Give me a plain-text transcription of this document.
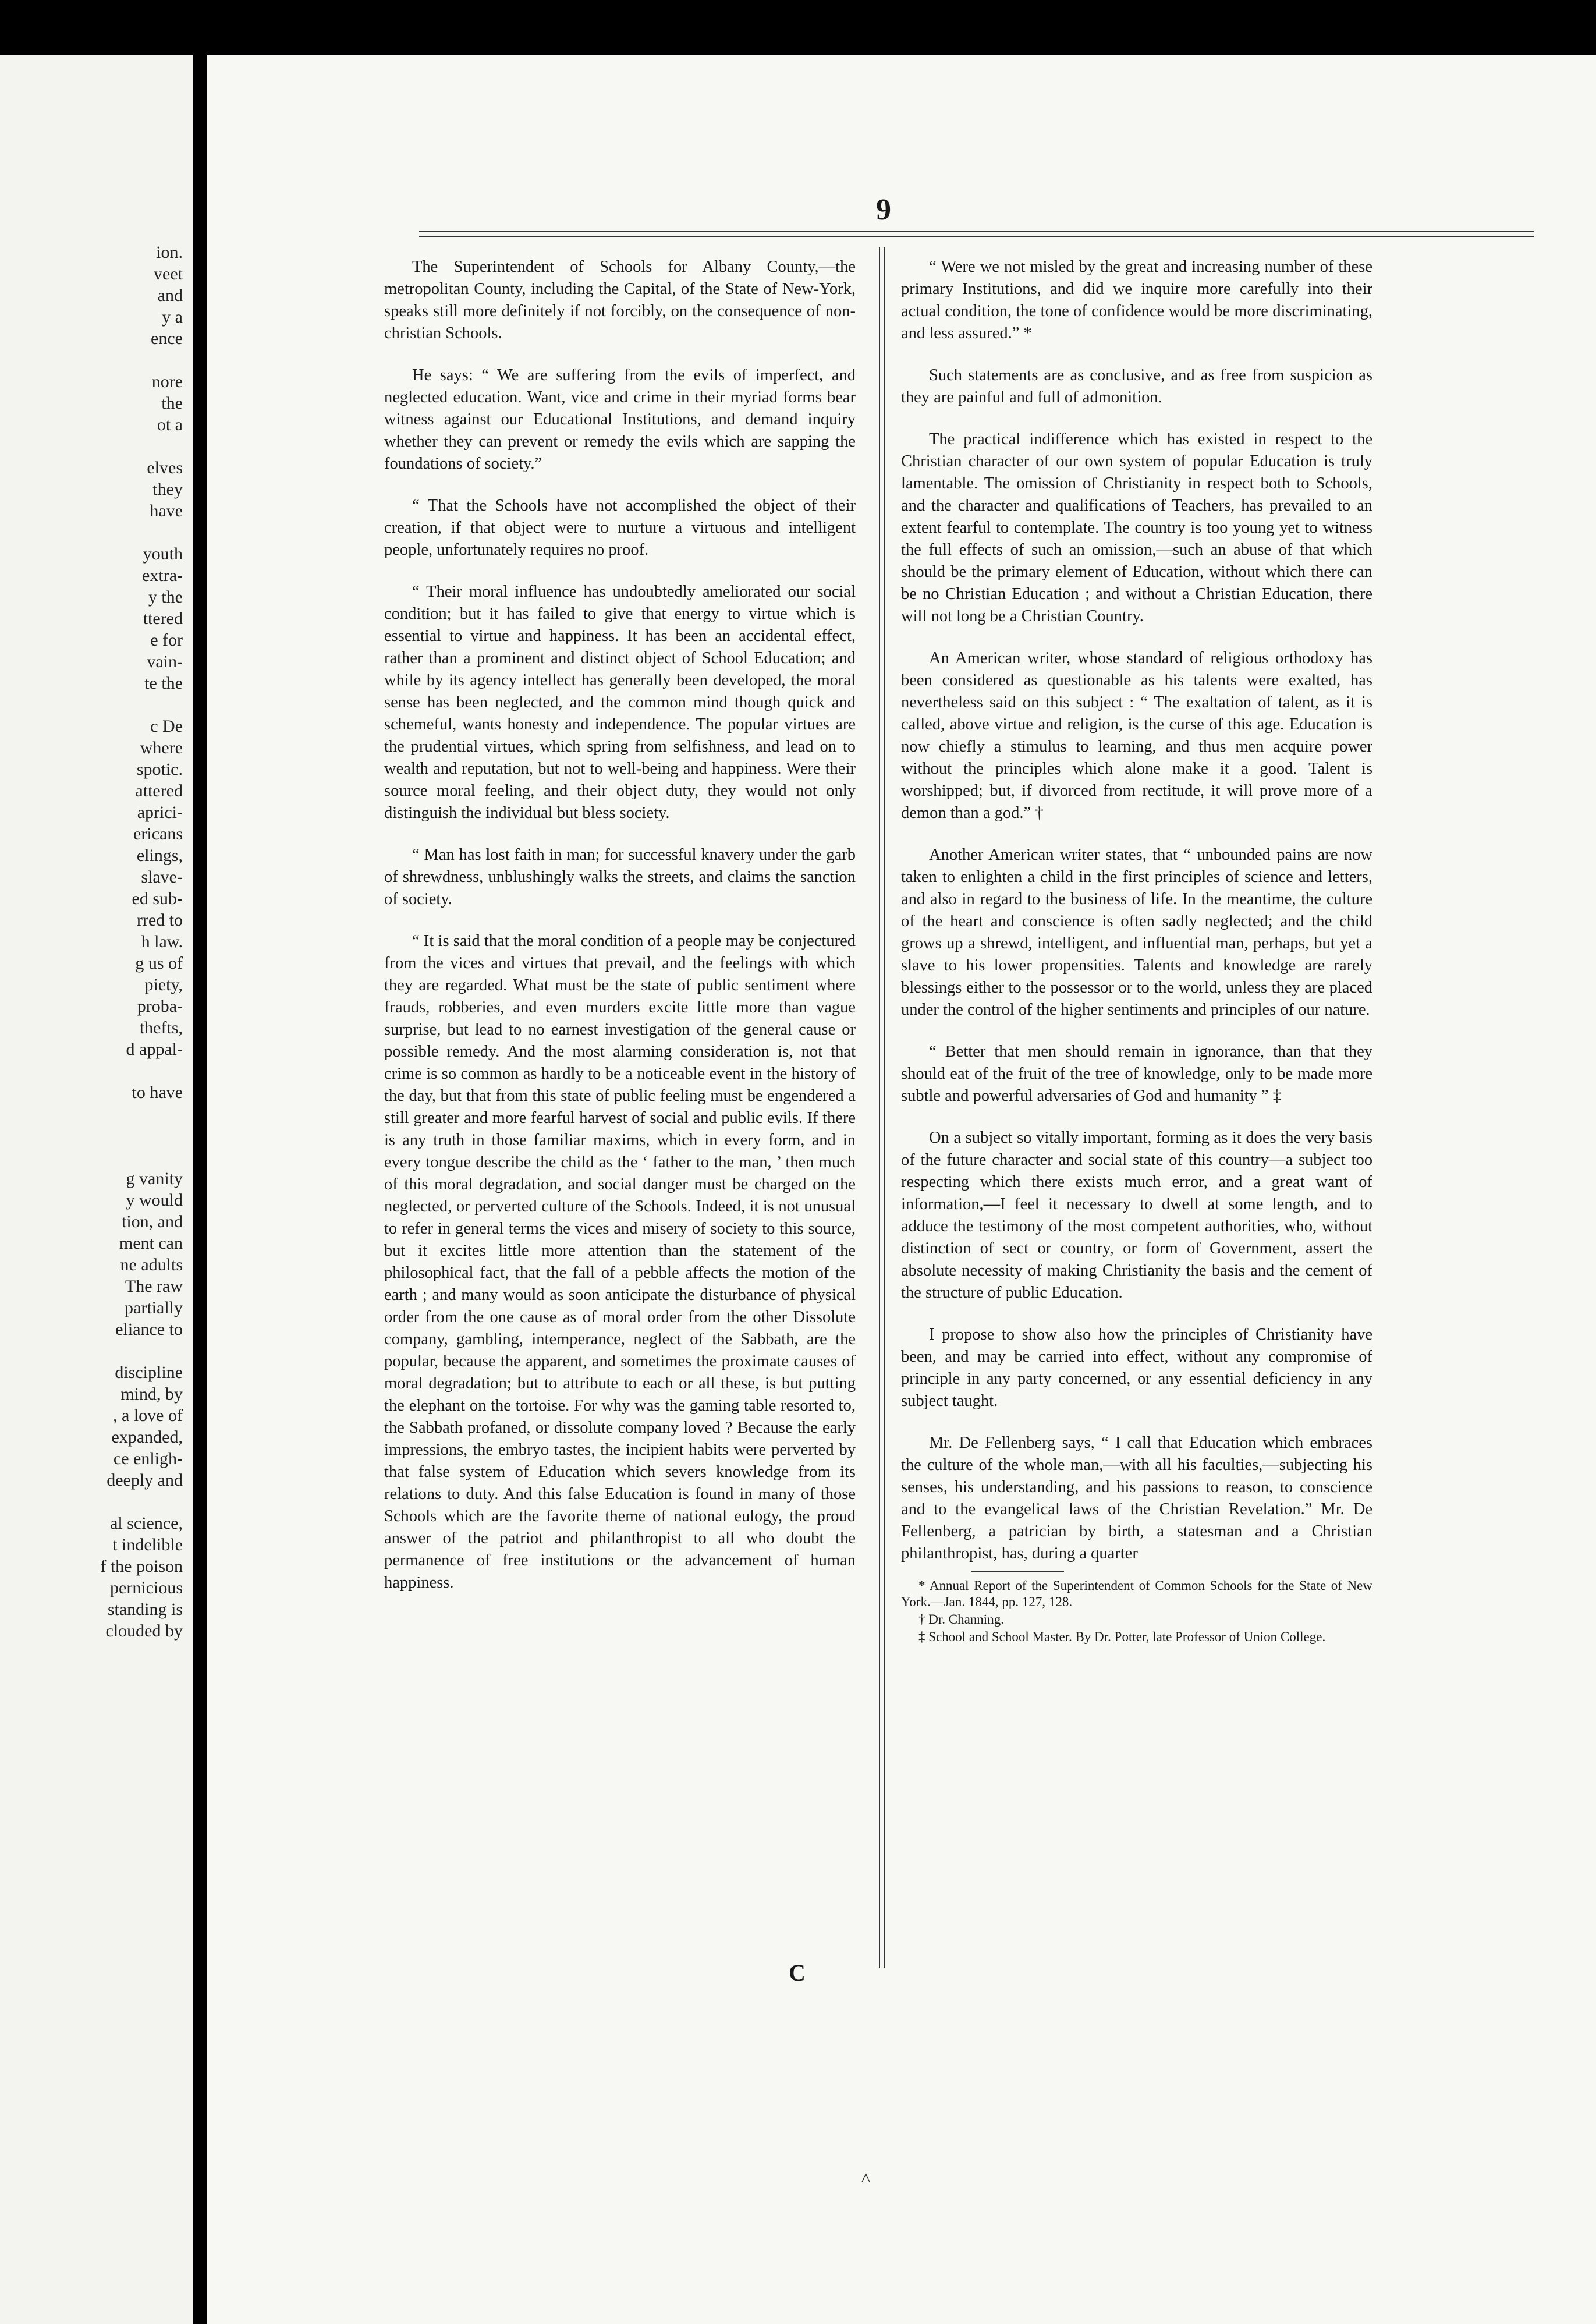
ion.
veet
and
y a
ence
nore
the
ot a
elves
they
have
youth
extra-
y the
ttered
e for
vain-
te the
c De
where
spotic.
attered
aprici-
ericans
elings,
slave-
ed sub-
rred to
h law.
g us of
piety,
proba-
thefts,
d appal-
to have
g vanity
y would
tion, and
ment can
ne adults
The raw
partially
eliance to
discipline
mind, by
, a love of
expanded,
ce enligh-
deeply and
al science,
t indelible
f the poison
pernicious
standing is
clouded by
9

The Superintendent of Schools for Albany County,—the metropolitan County, including the Capital, of the State of New-York, speaks still more definitely if not forcibly, on the consequence of non-christian Schools.

He says: “ We are suffering from the evils of imperfect, and neglected education. Want, vice and crime in their myriad forms bear witness against our Educational Institutions, and demand inquiry whether they can prevent or remedy the evils which are sapping the foundations of society.”

“ That the Schools have not accomplished the object of their creation, if that object were to nurture a virtuous and intelligent people, unfortunately requires no proof.

“ Their moral influence has undoubtedly ameliorated our social condition; but it has failed to give that energy to virtue which is essential to virtue and happiness. It has been an accidental effect, rather than a prominent and distinct object of School Education; and while by its agency intellect has generally been developed, the moral sense has been neglected, and the common mind though quick and schemeful, wants honesty and independence. The popular virtues are the prudential virtues, which spring from selfishness, and lead on to wealth and reputation, but not to well-being and happiness. Were their source moral feeling, and their object duty, they would not only distinguish the individual but bless society.

“ Man has lost faith in man; for successful knavery under the garb of shrewdness, unblushingly walks the streets, and claims the sanction of society.

“ It is said that the moral condition of a people may be conjectured from the vices and virtues that prevail, and the feelings with which they are regarded. What must be the state of public sentiment where frauds, robberies, and even murders excite little more than vague surprise, but lead to no earnest investigation of the general cause or possible remedy. And the most alarming consideration is, not that crime is so common as hardly to be a noticeable event in the history of the day, but that from this state of public feeling must be engendered a still greater and more fearful harvest of social and public evils. If there is any truth in those familiar maxims, which in every form, and in every tongue describe the child as the ‘ father to the man, ’ then much of this moral degradation, and social danger must be charged on the neglected, or perverted culture of the Schools. Indeed, it is not unusual to refer in general terms the vices and misery of society to this source, but it excites little more attention than the statement of the philosophical fact, that the fall of a pebble affects the motion of the earth ; and many would as soon anticipate the disturbance of physical order from the one cause as of moral order from the other Dissolute company, gambling, intemperance, neglect of the Sabbath, are the popular, because the apparent, and sometimes the proximate causes of moral degradation; but to attribute to each or all these, is but putting the elephant on the tortoise. For why was the gaming table resorted to, the Sabbath profaned, or dissolute company loved ? Because the early impressions, the embryo tastes, the incipient habits were perverted by that false system of Education which severs knowledge from its relations to duty. And this false Education is found in many of those Schools which are the favorite theme of national eulogy, the proud answer of the patriot and philanthropist to all who doubt the permanence of free institutions or the advancement of human happiness.

“ Were we not misled by the great and increasing number of these primary Institutions, and did we inquire more carefully into their actual condition, the tone of confidence would be more discriminating, and less assured.” *

Such statements are as conclusive, and as free from suspicion as they are painful and full of admonition.

The practical indifference which has existed in respect to the Christian character of our own system of popular Education is truly lamentable. The omission of Christianity in respect both to Schools, and the character and qualifications of Teachers, has prevailed to an extent fearful to contemplate. The country is too young yet to witness the full effects of such an omission,—such an abuse of that which should be the primary element of Education, without which there can be no Christian Education ; and without a Christian Education, there will not long be a Christian Country.

An American writer, whose standard of religious orthodoxy has been considered as questionable as his talents were exalted, has nevertheless said on this subject : “ The exaltation of talent, as it is called, above virtue and religion, is the curse of this age. Education is now chiefly a stimulus to learning, and thus men acquire power without the principles which alone make it a good. Talent is worshipped; but, if divorced from rectitude, it will prove more of a demon than a god.” †

Another American writer states, that “ unbounded pains are now taken to enlighten a child in the first principles of science and letters, and also in regard to the business of life. In the meantime, the culture of the heart and conscience is often sadly neglected; and the child grows up a shrewd, intelligent, and influential man, perhaps, but yet a slave to his lower propensities. Talents and knowledge are rarely blessings either to the possessor or to the world, unless they are placed under the control of the higher sentiments and principles of our nature.

“ Better that men should remain in ignorance, than that they should eat of the fruit of the tree of knowledge, only to be made more subtle and powerful adversaries of God and humanity ” ‡

On a subject so vitally important, forming as it does the very basis of the future character and social state of this country—a subject too respecting which there exists much error, and a great want of information,—I feel it necessary to dwell at some length, and to adduce the testimony of the most competent authorities, who, without distinction of sect or country, or form of Government, assert the absolute necessity of making Christianity the basis and the cement of the structure of public Education.

I propose to show also how the principles of Christianity have been, and may be carried into effect, without any compromise of principle in any party concerned, or any essential deficiency in any subject taught.

Mr. De Fellenberg says, “ I call that Education which embraces the culture of the whole man,—with all his faculties,—subjecting his senses, his understanding, and his passions to reason, to conscience and to the evangelical laws of the Christian Revelation.” Mr. De Fellenberg, a patrician by birth, a statesman and a Christian philanthropist, has, during a quarter

* Annual Report of the Superintendent of Common Schools for the State of New York.—Jan. 1844, pp. 127, 128.

† Dr. Channing.

‡ School and School Master. By Dr. Potter, late Professor of Union College.

C
^
